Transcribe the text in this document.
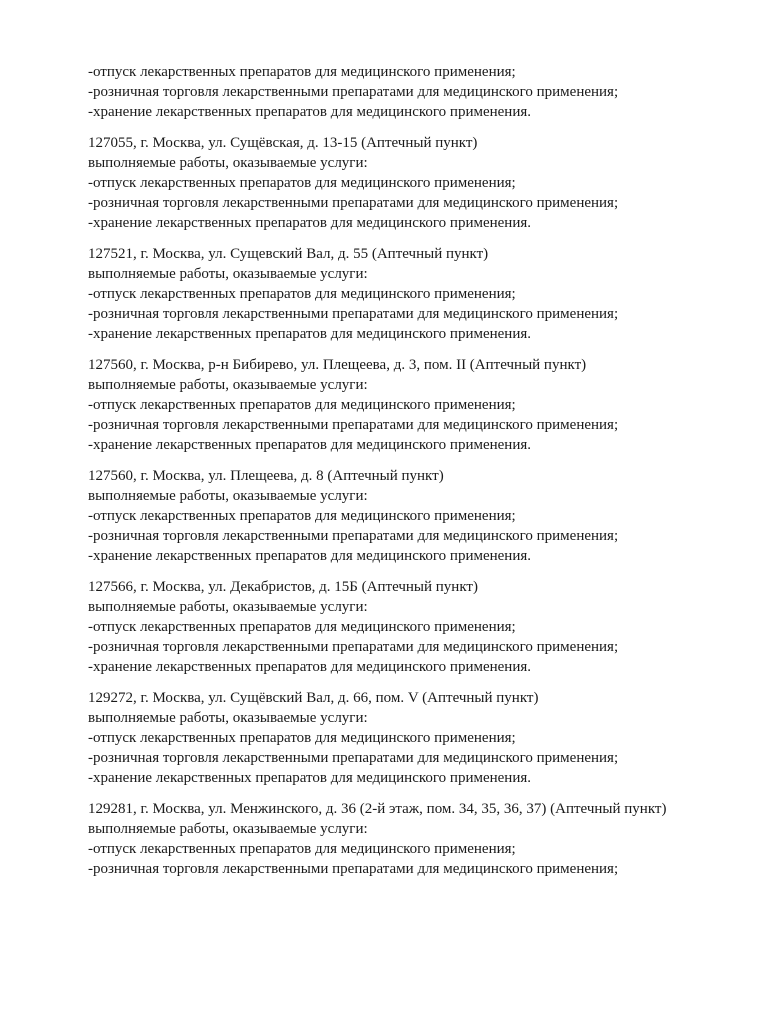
-отпуск лекарственных препаратов для медицинского применения;

-розничная торговля лекарственными препаратами для медицинского применения;

-хранение лекарственных препаратов для медицинского применения.

127055, г. Москва, ул. Сущёвская, д. 13-15 (Аптечный пункт)

выполняемые работы, оказываемые услуги:

-отпуск лекарственных препаратов для медицинского применения;

-розничная торговля лекарственными препаратами для медицинского применения;

-хранение лекарственных препаратов для медицинского применения.

127521, г. Москва, ул. Сущевский Вал, д. 55 (Аптечный пункт)

выполняемые работы, оказываемые услуги:

-отпуск лекарственных препаратов для медицинского применения;

-розничная торговля лекарственными препаратами для медицинского применения;

-хранение лекарственных препаратов для медицинского применения.

127560, г. Москва, р-н Бибирево, ул. Плещеева, д. 3, пом. II (Аптечный пункт)

выполняемые работы, оказываемые услуги:

-отпуск лекарственных препаратов для медицинского применения;

-розничная торговля лекарственными препаратами для медицинского применения;

-хранение лекарственных препаратов для медицинского применения.

127560, г. Москва, ул. Плещеева, д. 8 (Аптечный пункт)

выполняемые работы, оказываемые услуги:

-отпуск лекарственных препаратов для медицинского применения;

-розничная торговля лекарственными препаратами для медицинского применения;

-хранение лекарственных препаратов для медицинского применения.

127566, г. Москва, ул. Декабристов, д. 15Б (Аптечный пункт)

выполняемые работы, оказываемые услуги:

-отпуск лекарственных препаратов для медицинского применения;

-розничная торговля лекарственными препаратами для медицинского применения;

-хранение лекарственных препаратов для медицинского применения.

129272, г. Москва, ул. Сущёвский Вал, д. 66, пом. V (Аптечный пункт)

выполняемые работы, оказываемые услуги:

-отпуск лекарственных препаратов для медицинского применения;

-розничная торговля лекарственными препаратами для медицинского применения;

-хранение лекарственных препаратов для медицинского применения.

129281, г. Москва, ул. Менжинского, д. 36 (2-й этаж, пом. 34, 35, 36, 37) (Аптечный пункт)

выполняемые работы, оказываемые услуги:

-отпуск лекарственных препаратов для медицинского применения;

-розничная торговля лекарственными препаратами для медицинского применения;
